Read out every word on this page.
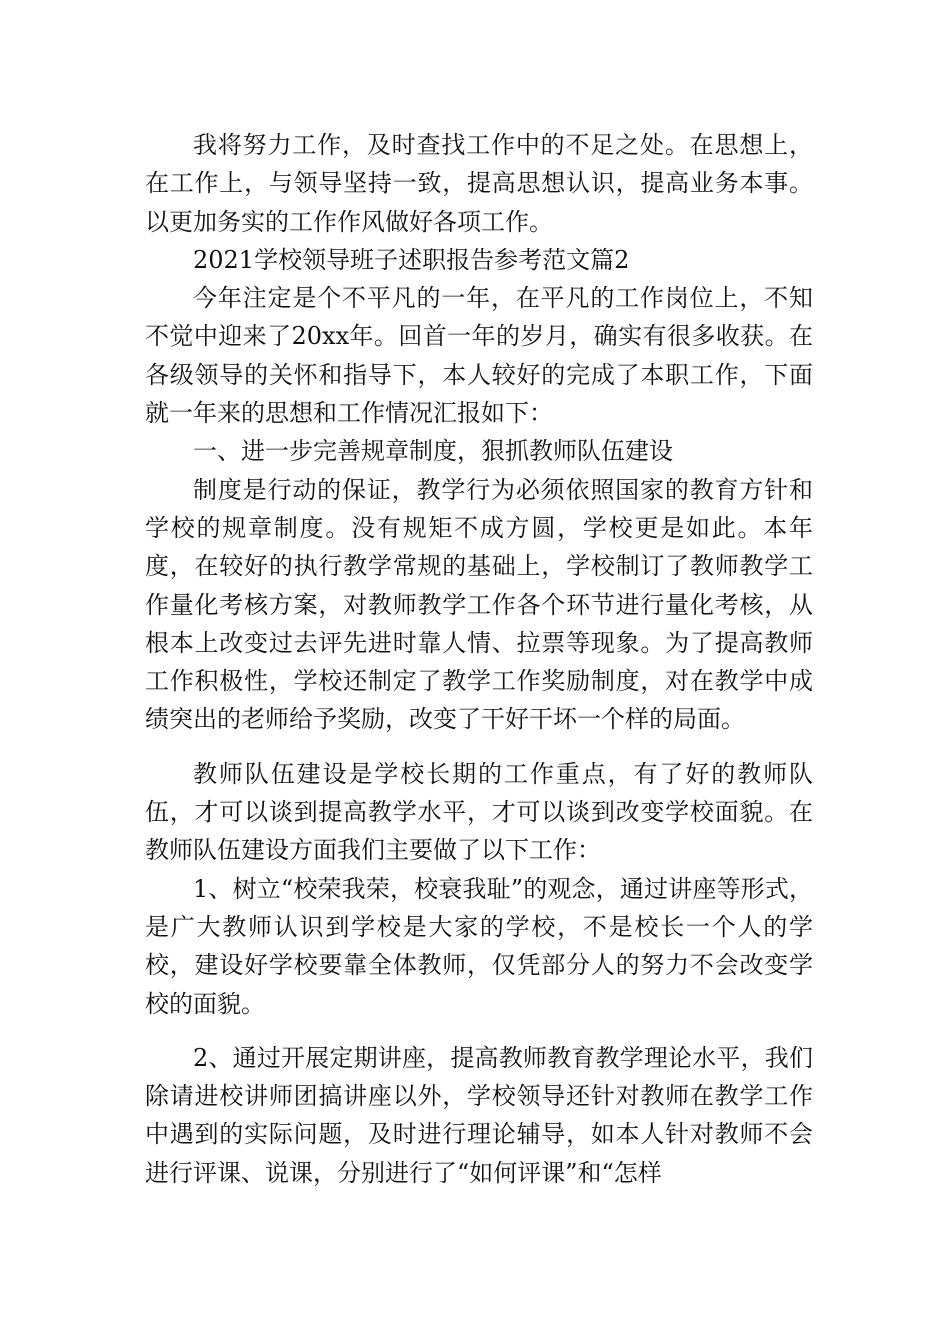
我将努力工作，及时查找工作中的不足之处。在思想上，在工作上，与领导坚持一致，提高思想认识，提高业务本事。以更加务实的工作作风做好各项工作。

2021学校领导班子述职报告参考范文篇2

今年注定是个不平凡的一年，在平凡的工作岗位上，不知不觉中迎来了20xx年。回首一年的岁月，确实有很多收获。在各级领导的关怀和指导下，本人较好的完成了本职工作，下面就一年来的思想和工作情况汇报如下：

一、进一步完善规章制度，狠抓教师队伍建设

制度是行动的保证，教学行为必须依照国家的教育方针和学校的规章制度。没有规矩不成方圆，学校更是如此。本年度，在较好的执行教学常规的基础上，学校制订了教师教学工作量化考核方案，对教师教学工作各个环节进行量化考核，从根本上改变过去评先进时靠人情、拉票等现象。为了提高教师工作积极性，学校还制定了教学工作奖励制度，对在教学中成绩突出的老师给予奖励，改变了干好干坏一个样的局面。

教师队伍建设是学校长期的工作重点，有了好的教师队伍，才可以谈到提高教学水平，才可以谈到改变学校面貌。在教师队伍建设方面我们主要做了以下工作：

1、树立“校荣我荣，校衰我耻”的观念，通过讲座等形式，是广大教师认识到学校是大家的学校，不是校长一个人的学校，建设好学校要靠全体教师，仅凭部分人的努力不会改变学校的面貌。

2、通过开展定期讲座，提高教师教育教学理论水平，我们除请进校讲师团搞讲座以外，学校领导还针对教师在教学工作中遇到的实际问题，及时进行理论辅导，如本人针对教师不会进行评课、说课，分别进行了“如何评课”和“怎样
